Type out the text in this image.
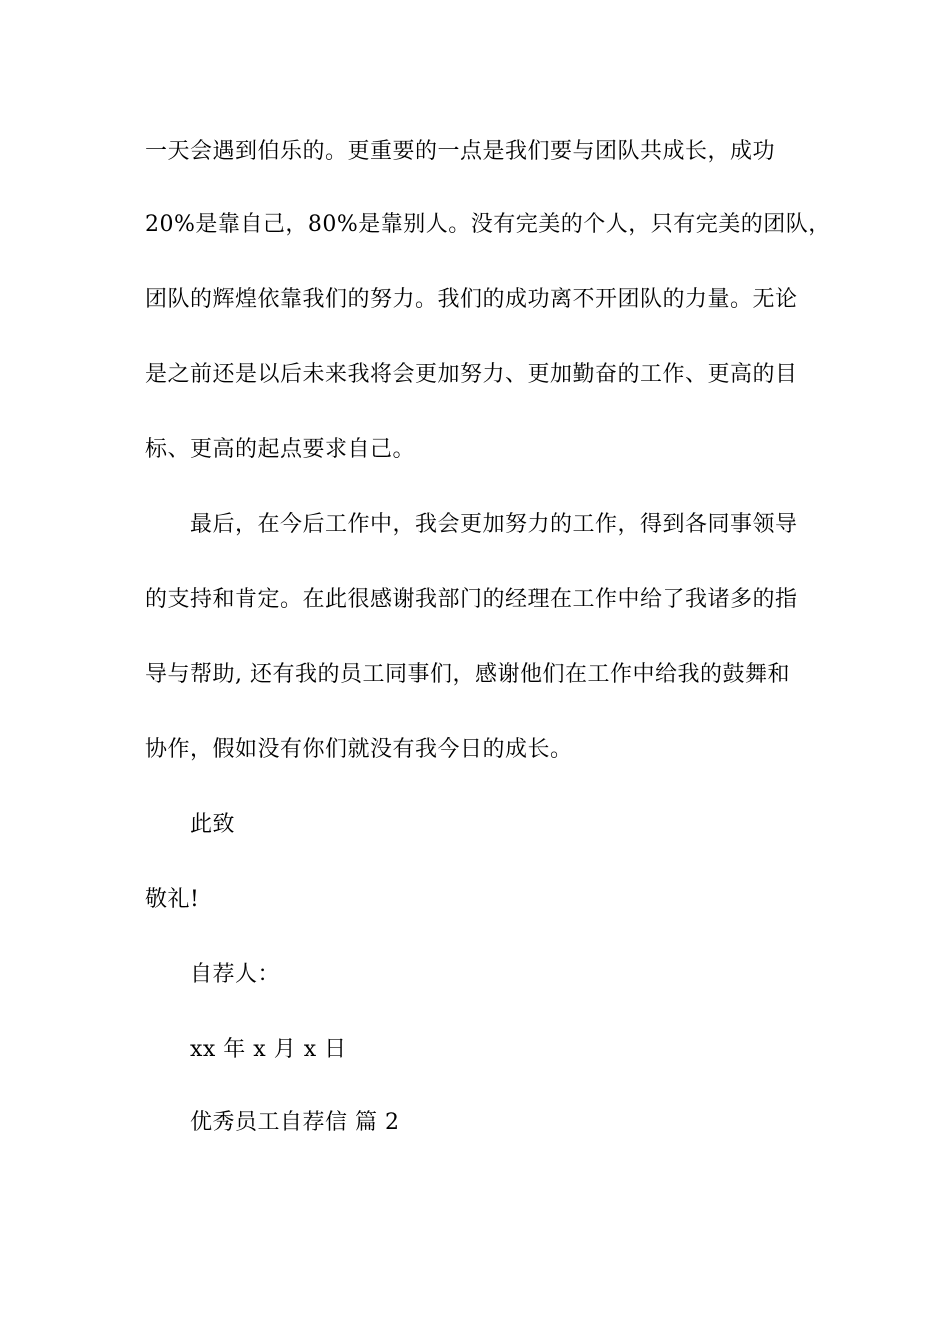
一天会遇到伯乐的。更重要的一点是我们要与团队共成长，成功
20%是靠自己，80%是靠别人。没有完美的个人，只有完美的团队，
团队的辉煌依靠我们的努力。我们的成功离不开团队的力量。无论
是之前还是以后未来我将会更加努力、更加勤奋的工作、更高的目
标、更高的起点要求自己。
最后，在今后工作中，我会更加努力的工作，得到各同事领导
的支持和肯定。在此很感谢我部门的经理在工作中给了我诸多的指
导与帮助, 还有我的员工同事们，感谢他们在工作中给我的鼓舞和
协作，假如没有你们就没有我今日的成长。
此致
敬礼!
自荐人：
xx 年 x 月 x 日
优秀员工自荐信 篇 2
